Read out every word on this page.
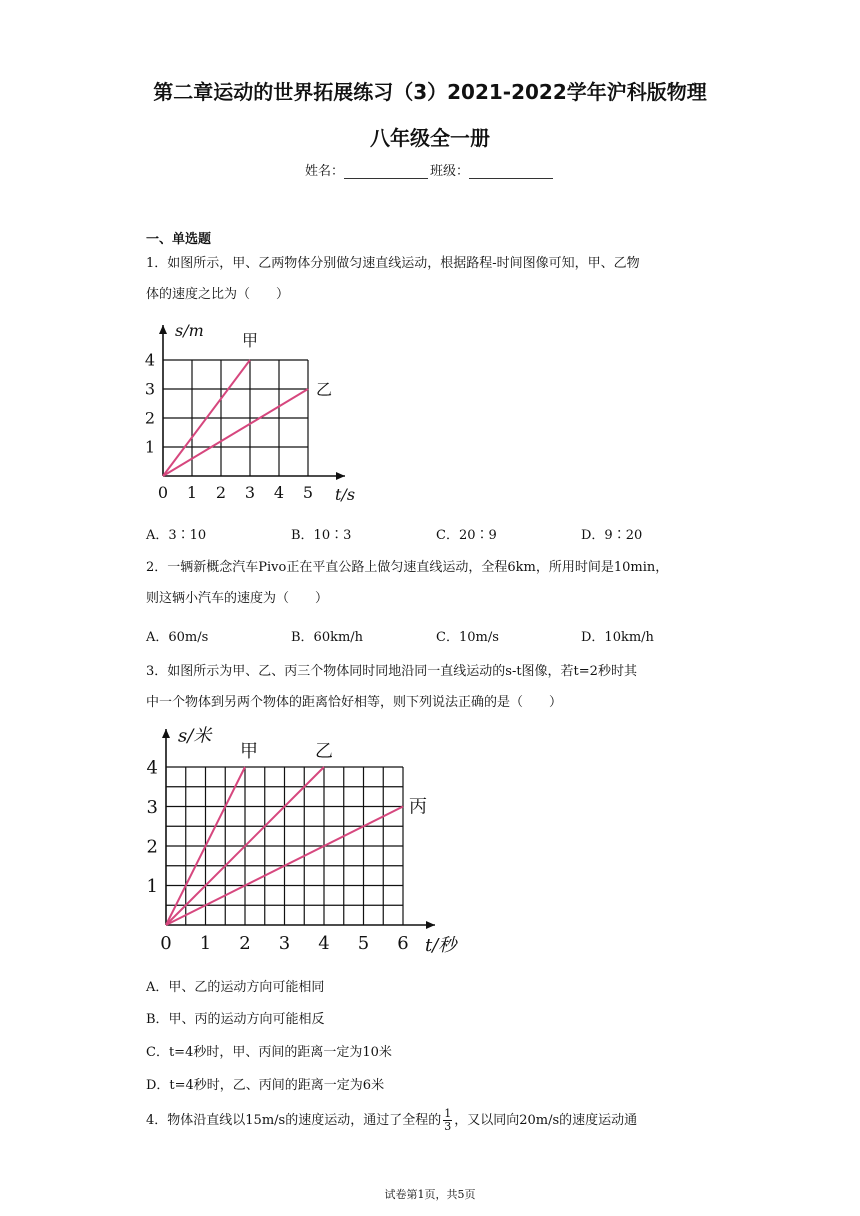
第二章运动的世界拓展练习（3）2021-2022学年沪科版物理
八年级全一册
姓名：	班级：
一、单选题
1．如图所示，甲、乙两物体分别做匀速直线运动，根据路程-时间图像可知，甲、乙物
体的速度之比为（　　）
0 1 2 3 4 5
1
2
3
4
t/s
s/m
甲
乙
A．3∶10	B．10∶3	C．20∶9	D．9∶20
2．一辆新概念汽车Pivo正在平直公路上做匀速直线运动，全程6km，所用时间是10min，
则这辆小汽车的速度为（　　）
A．60m/s	B．60km/h	C．10m/s	D．10km/h
3．如图所示为甲、乙、丙三个物体同时同地沿同一直线运动的s-t图像，若t=2秒时其
中一个物体到另两个物体的距离恰好相等，则下列说法正确的是（　　）
0 1 2 3 4 5 6
1
2
3
4
t/秒
s/米
甲	乙
丙
A．甲、乙的运动方向可能相同
B．甲、丙的运动方向可能相反
C．t=4秒时，甲、丙间的距离一定为10米
D．t=4秒时，乙、丙间的距离一定为6米
4．物体沿直线以15m/s的速度运动，通过了全程的 $\frac{1}{3}$ ，又以同向20m/s的速度运动通
试卷第1页，共5页
